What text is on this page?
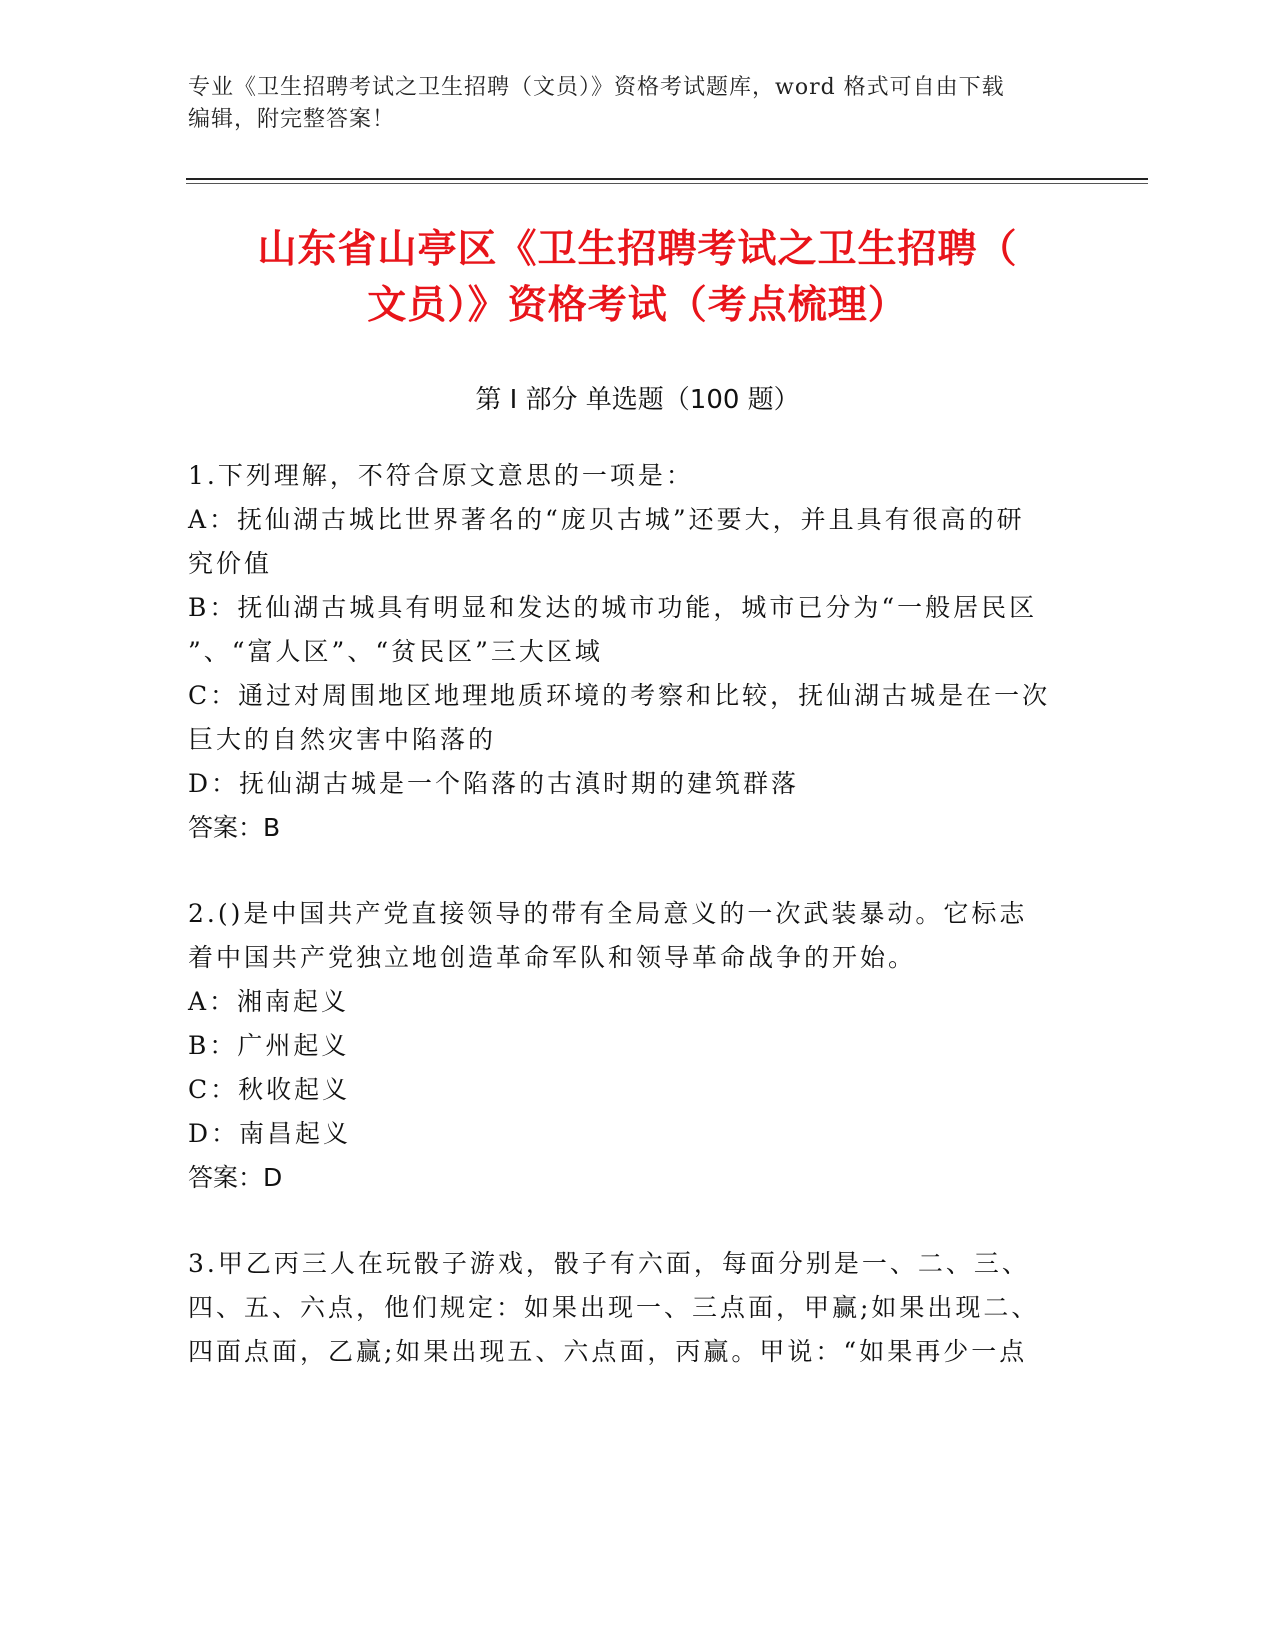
专业《卫生招聘考试之卫生招聘（文员）》资格考试题库，word 格式可自由下载
编辑，附完整答案！
山东省山亭区《卫生招聘考试之卫生招聘（
文员）》资格考试（考点梳理）
第 I 部分 单选题（100 题）
1.下列理解，不符合原文意思的一项是：
A：抚仙湖古城比世界著名的“庞贝古城”还要大，并且具有很高的研
究价值
B：抚仙湖古城具有明显和发达的城市功能，城市已分为“一般居民区
”、“富人区”、“贫民区”三大区域
C：通过对周围地区地理地质环境的考察和比较，抚仙湖古城是在一次
巨大的自然灾害中陷落的
D：抚仙湖古城是一个陷落的古滇时期的建筑群落
答案：B
2.()是中国共产党直接领导的带有全局意义的一次武装暴动。它标志
着中国共产党独立地创造革命军队和领导革命战争的开始。
A：湘南起义
B：广州起义
C：秋收起义
D：南昌起义
答案：D
3.甲乙丙三人在玩骰子游戏，骰子有六面，每面分别是一、二、三、
四、五、六点，他们规定：如果出现一、三点面，甲赢;如果出现二、
四面点面，乙赢;如果出现五、六点面，丙赢。甲说：“如果再少一点
